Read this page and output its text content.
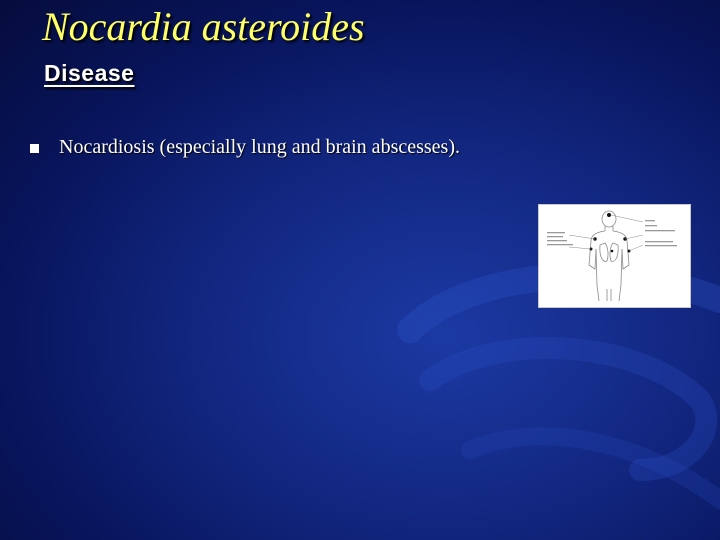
Nocardia asteroides
Disease
Nocardiosis (especially lung and brain abscesses).
